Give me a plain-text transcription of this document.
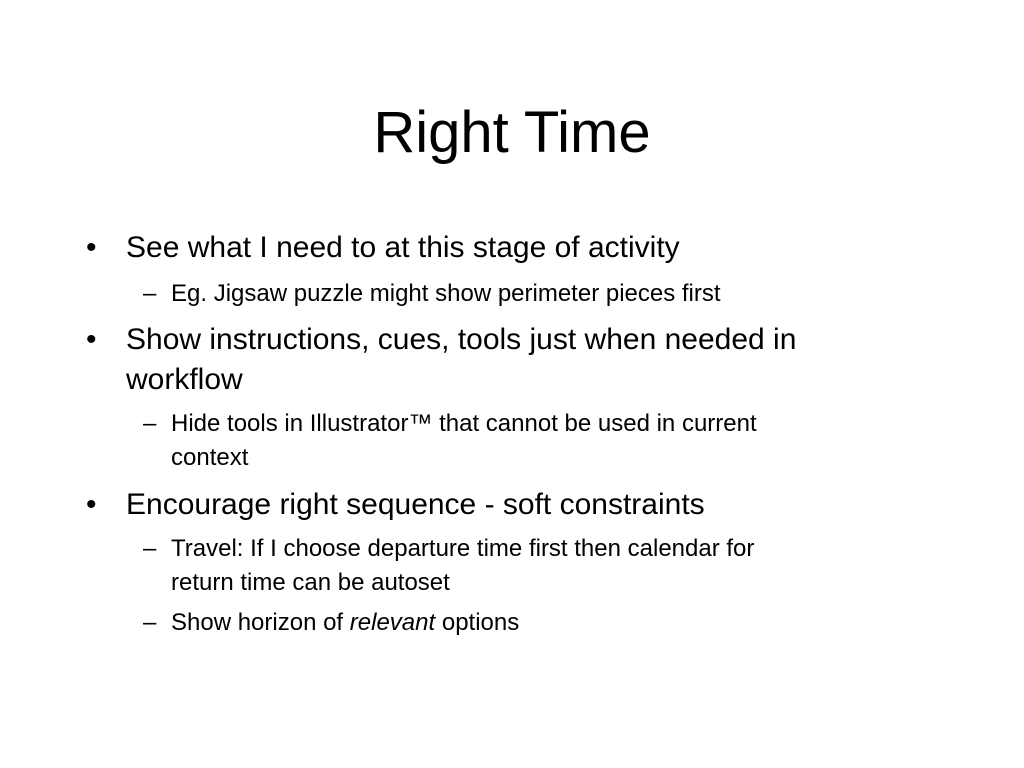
Right Time
• See what I need to at this stage of activity
– Eg. Jigsaw puzzle might show perimeter pieces first
• Show instructions, cues, tools just when needed in
workflow
– Hide tools in Illustrator™ that cannot be used in current
context
• Encourage right sequence - soft constraints
– Travel: If I choose departure time first then calendar for
return time can be autoset
– Show horizon of relevant options
